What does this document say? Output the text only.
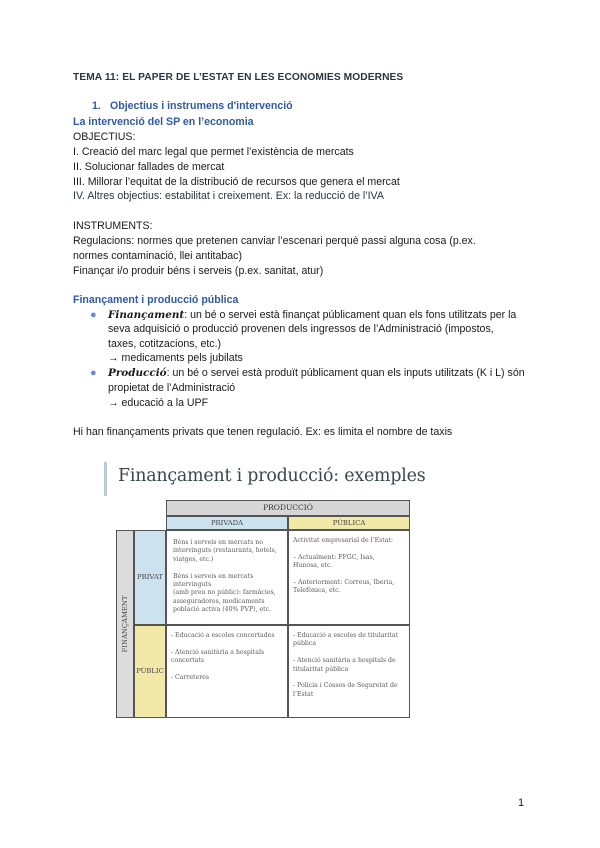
TEMA 11: EL PAPER DE L’ESTAT EN LES ECONOMIES MODERNES
1. Objectius i instrumens d'intervenció
La intervenció del SP en l’economia
OBJECTIUS:
I. Creació del marc legal que permet l’existència de mercats
II. Solucionar fallades de mercat
III. Millorar l’equitat de la distribució de recursos que genera el mercat
IV. Altres objectius: estabilitat i creixement. Ex: la reducció de l’IVA
INSTRUMENTS:
Regulacions: normes que pretenen canviar l’escenari perquè passi alguna cosa (p.ex.
normes contaminació, llei antitabac)
Finançar i/o produir béns i serveis (p.ex. sanitat, atur)
Finançament i producció pública
● Finançament: un bé o servei està finançat públicament quan els fons utilitzats per la
seva adquisició o producció provenen dels ingressos de l’Administració (impostos,
taxes, cotitzacions, etc.)
→ medicaments pels jubilats
● Producció: un bé o servei està produït públicament quan els inputs utilitzats (K i L) són
propietat de l’Administració
→ educació a la UPF
Hi han finançaments privats que tenen regulació. Ex: es limita el nombre de taxis
Finançament i producció: exemples
PRODUCCIÓ
PRIVADA	PÚBLICA
FINANÇAMENT
PRIVAT
PÚBLIC
Béns i serveis en mercats no
intervinguts (restaurants, hotels,
viatges, etc.)

Béns i serveis en mercats intervinguts
(amb preu no públic): farmàcies,
asseguradores, medicaments
població activa (40% PVP), etc.
Activitat empresarial de l’Estat:

– Actualment: FFGC, Isas,
Hunosa, etc.

– Anteriorment: Correus, Iberia,
Telefònica, etc.
- Educació a escoles concertades

- Atenció sanitària a hospitals
concertats

- Carreteres
- Educació a escoles de titularitat
pública

- Atenció sanitària a hospitals de
titularitat pública

- Policia i Cossos de Seguretat de
l’Estat
1
